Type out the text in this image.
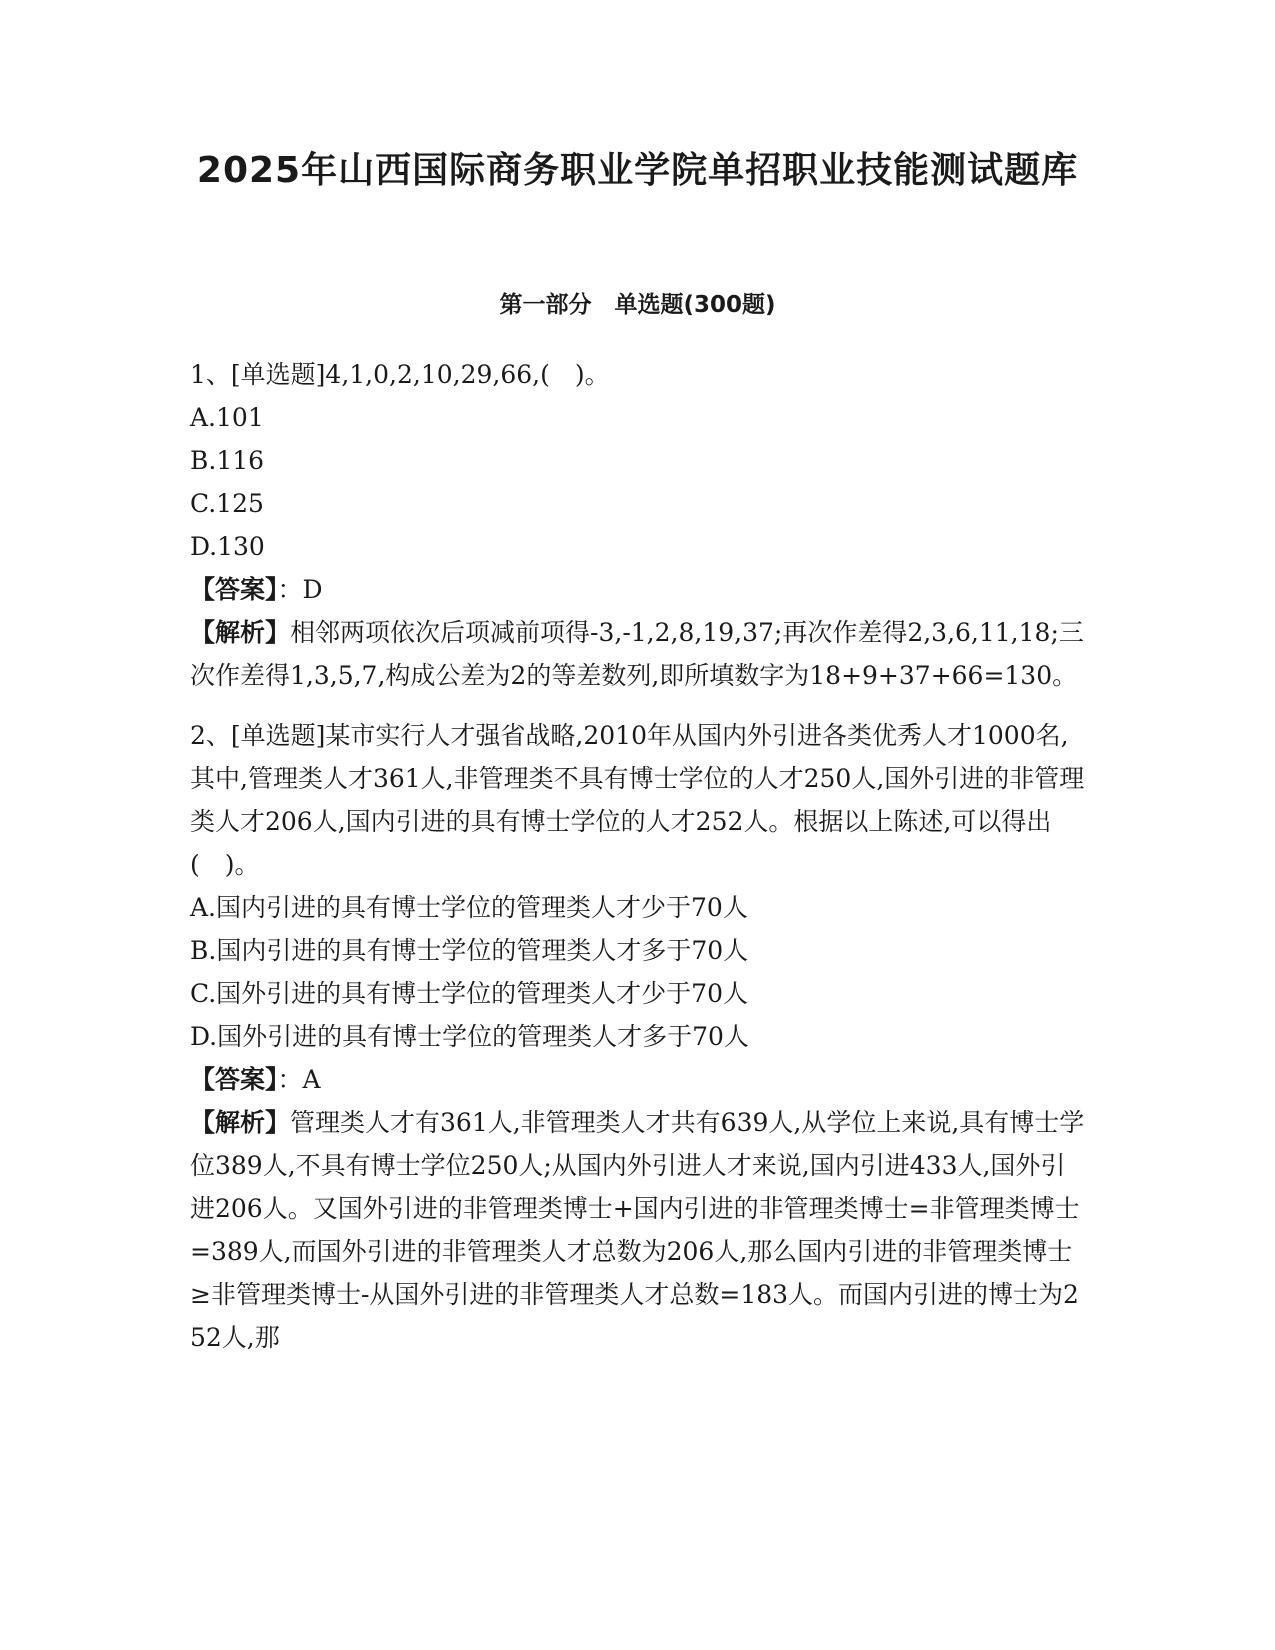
2025年山西国际商务职业学院单招职业技能测试题库
第一部分　单选题(300题)

1、[单选题]4,1,0,2,10,29,66,(　)。

A.101

B.116

C.125

D.130

【答案】：D

【解析】相邻两项依次后项减前项得-3,-1,2,8,19,37;再次作差得2,3,6,11,18;三次作差得1,3,5,7,构成公差为2的等差数列,即所填数字为18+9+37+66=130。

2、[单选题]某市实行人才强省战略,2010年从国内外引进各类优秀人才1000名,其中,管理类人才361人,非管理类不具有博士学位的人才250人,国外引进的非管理类人才206人,国内引进的具有博士学位的人才252人。根据以上陈述,可以得出(　)。

A.国内引进的具有博士学位的管理类人才少于70人

B.国内引进的具有博士学位的管理类人才多于70人

C.国外引进的具有博士学位的管理类人才少于70人

D.国外引进的具有博士学位的管理类人才多于70人

【答案】：A

【解析】管理类人才有361人,非管理类人才共有639人,从学位上来说,具有博士学位389人,不具有博士学位250人;从国内外引进人才来说,国内引进433人,国外引进206人。又国外引进的非管理类博士+国内引进的非管理类博士=非管理类博士=389人,而国外引进的非管理类人才总数为206人,那么国内引进的非管理类博士≥非管理类博士-从国外引进的非管理类人才总数=183人。而国内引进的博士为252人,那
